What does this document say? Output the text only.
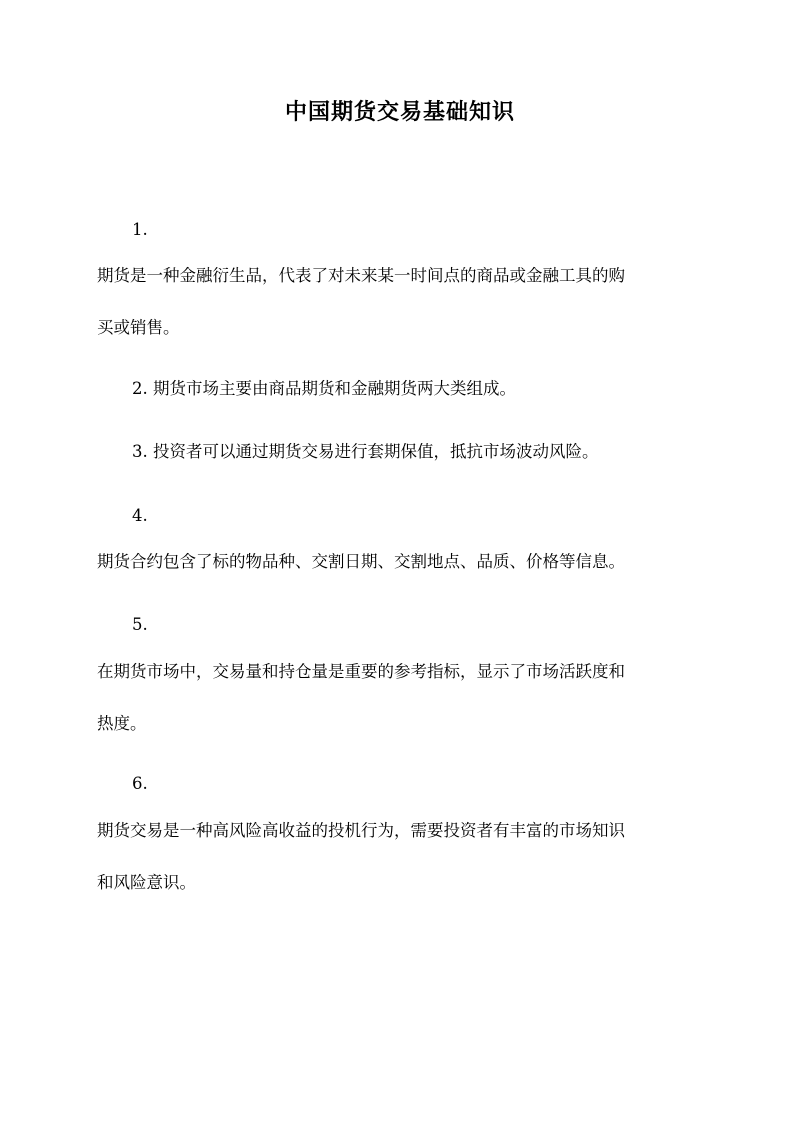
中国期货交易基础知识
1.
期货是一种金融衍生品，代表了对未来某一时间点的商品或金融工具的购
买或销售。
2. 期货市场主要由商品期货和金融期货两大类组成。
3. 投资者可以通过期货交易进行套期保值，抵抗市场波动风险。
4.
期货合约包含了标的物品种、交割日期、交割地点、品质、价格等信息。
5.
在期货市场中，交易量和持仓量是重要的参考指标，显示了市场活跃度和
热度。
6.
期货交易是一种高风险高收益的投机行为，需要投资者有丰富的市场知识
和风险意识。
